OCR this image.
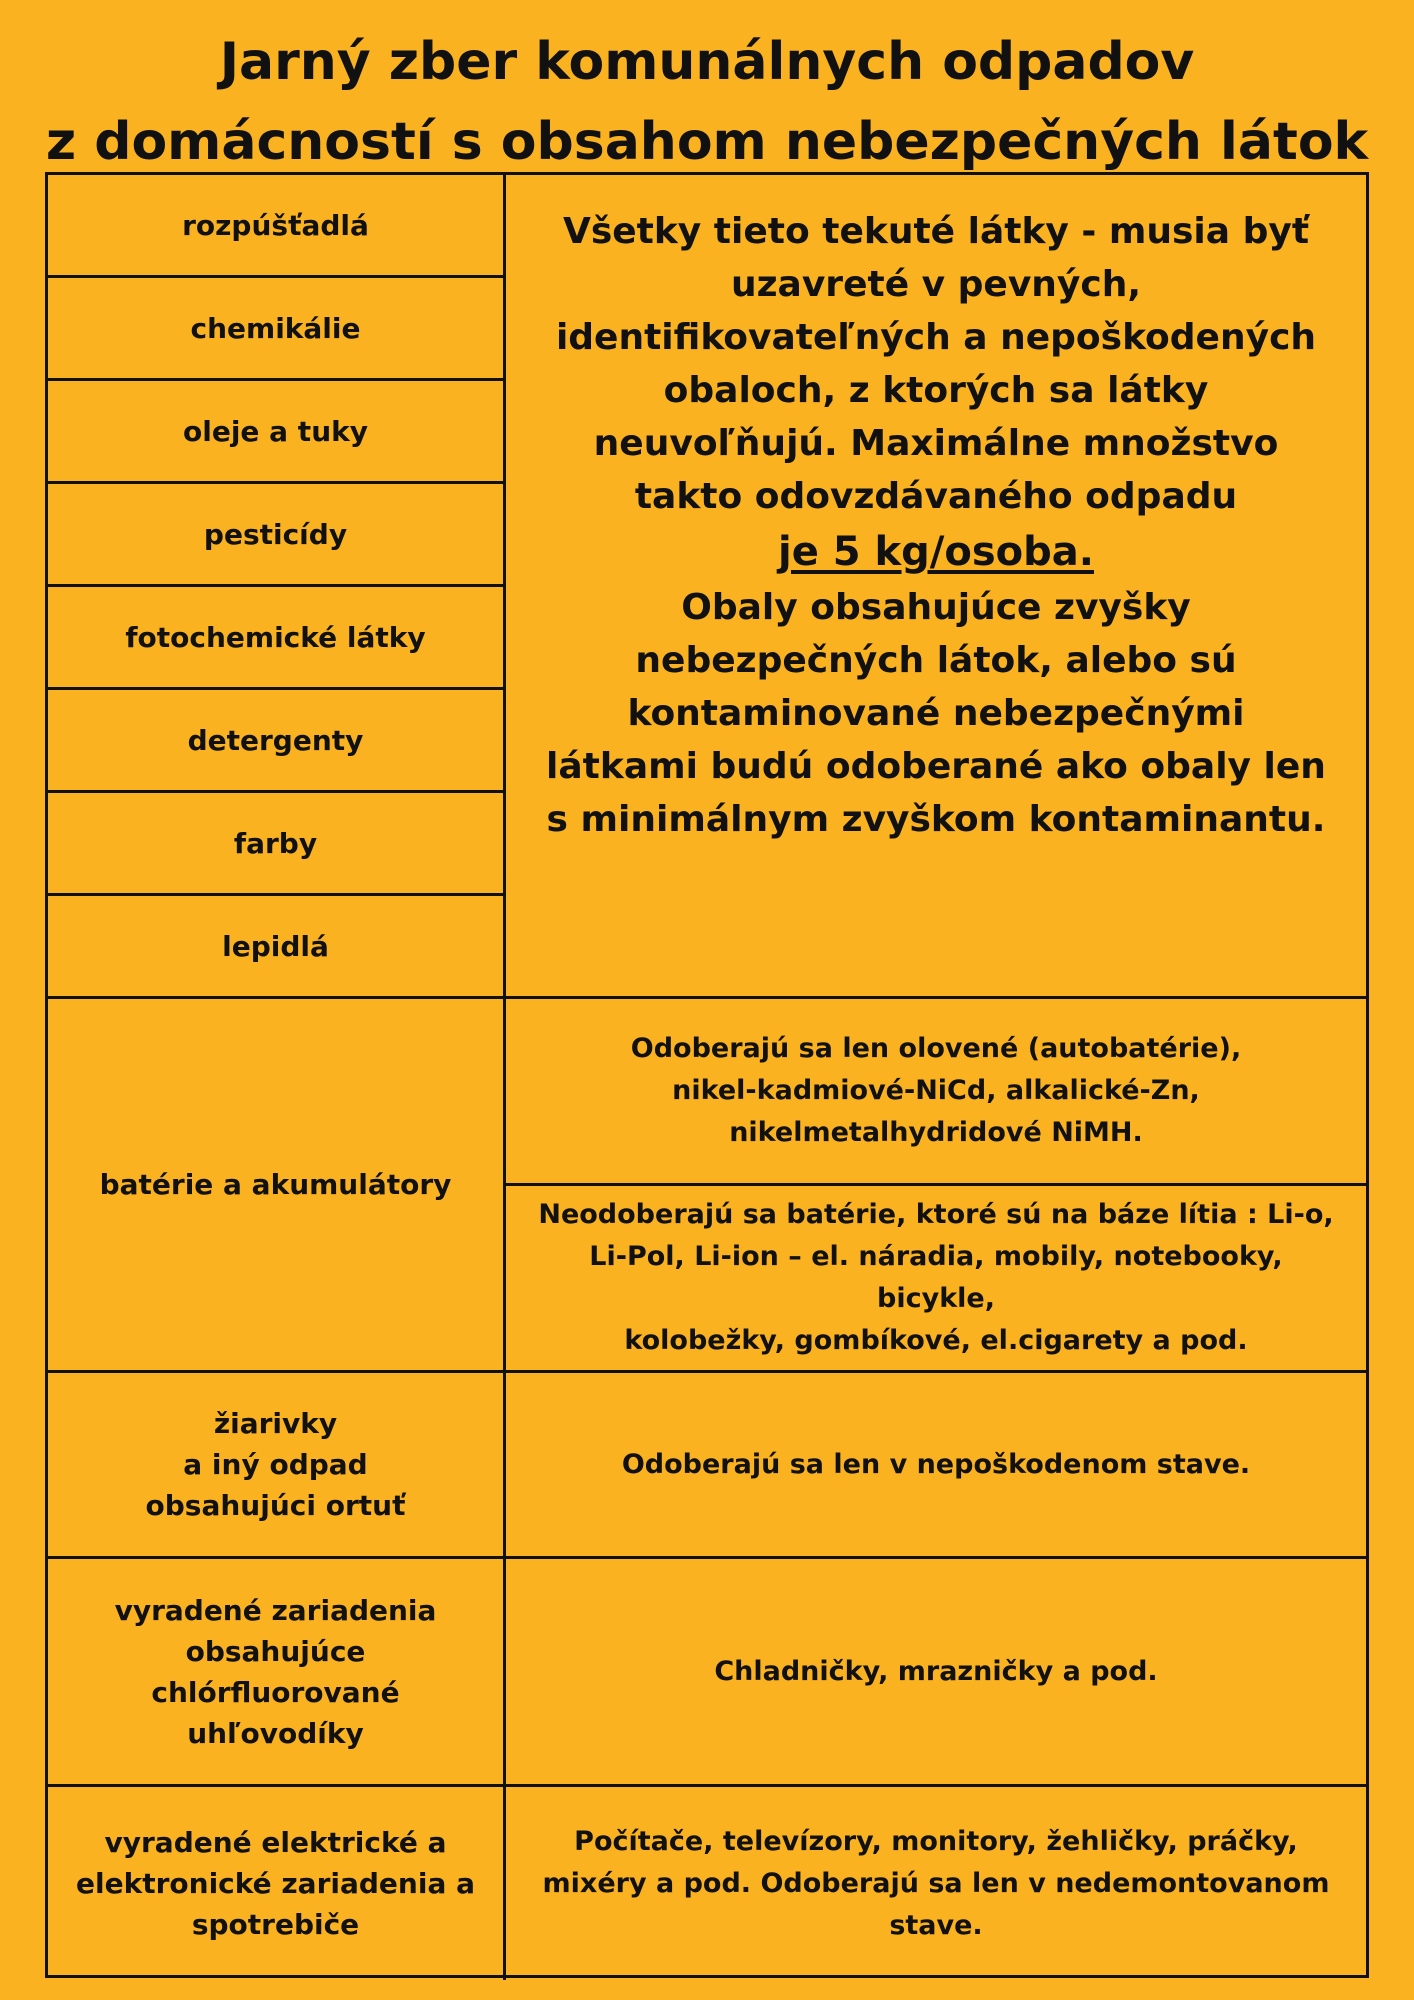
Jarný zber komunálnych odpadov
z domácností s obsahom nebezpečných látok
rozpúšťadlá
chemikálie
oleje a tuky
pesticídy
fotochemické látky
detergenty
farby
lepidlá
Všetky tieto tekuté látky - musia byť uzavreté v pevných, identifikovateľných a nepoškodených obaloch, z ktorých sa látky neuvoľňujú. Maximálne množstvo takto odovzdávaného odpadu
je 5 kg/osoba.
Obaly obsahujúce zvyšky nebezpečných látok, alebo sú kontaminované nebezpečnými látkami budú odoberané ako obaly len s minimálnym zvyškom kontaminantu.
batérie a akumulátory
Odoberajú sa len olovené (autobatérie),
nikel-kadmiové-NiCd, alkalické-Zn,
nikelmetalhydridové NiMH.
Neodoberajú sa batérie, ktoré sú na báze lítia : Li-o,
Li-Pol, Li-ion – el. náradia, mobily, notebooky, bicykle,
kolobežky, gombíkové, el.cigarety a pod.
žiarivky
a iný odpad
obsahujúci ortuť
Odoberajú sa len v nepoškodenom stave.
vyradené zariadenia
obsahujúce
chlórfluorované
uhľovodíky
Chladničky, mrazničky a pod.
vyradené elektrické a
elektronické zariadenia a
spotrebiče
Počítače, televízory, monitory, žehličky, práčky,
mixéry a pod. Odoberajú sa len v nedemontovanom
stave.
